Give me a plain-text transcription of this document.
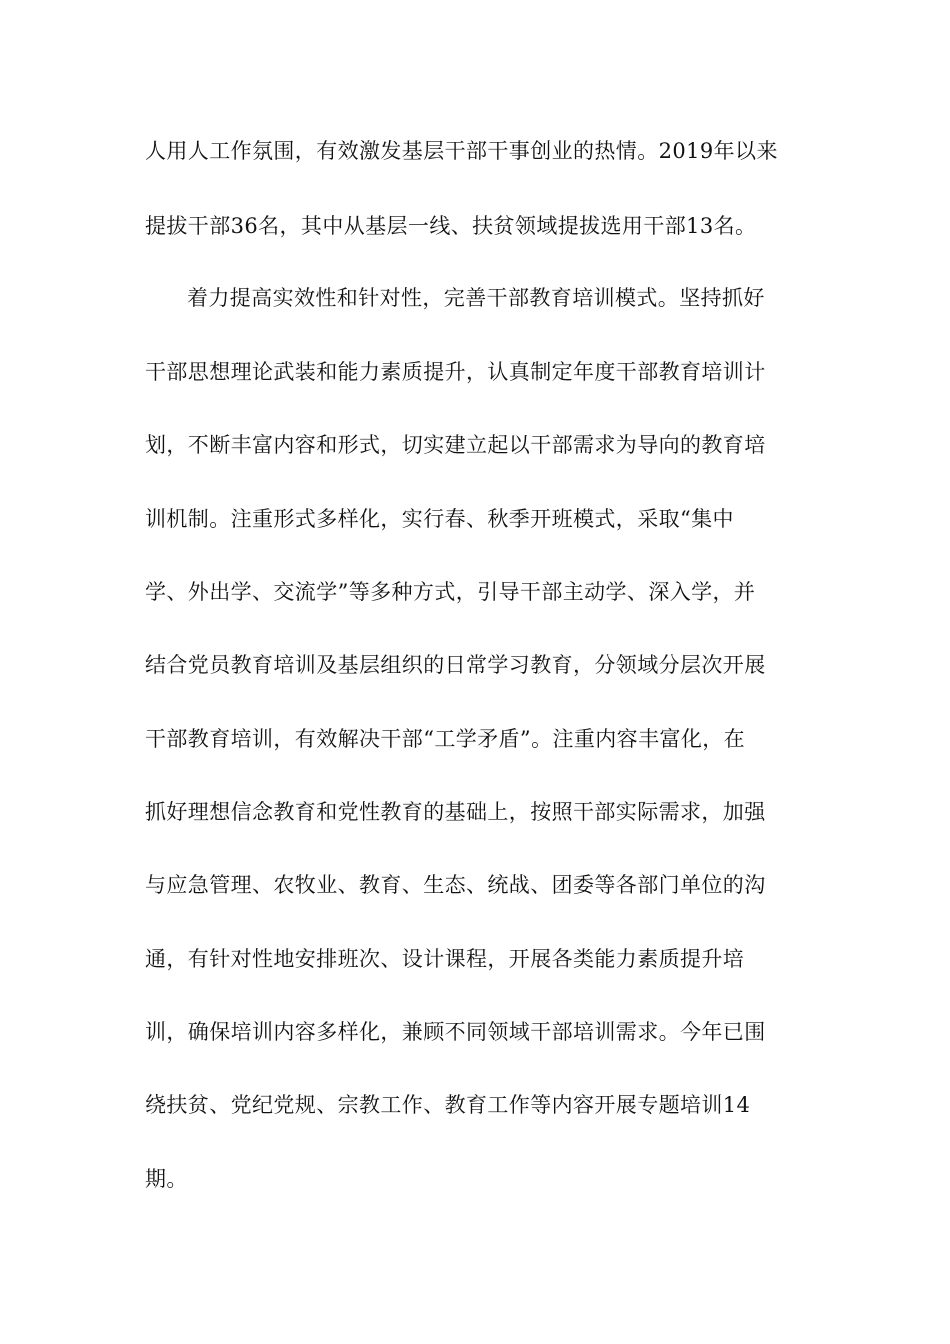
人用人工作氛围，有效激发基层干部干事创业的热情。2019年以来
提拔干部36名，其中从基层一线、扶贫领域提拔选用干部13名。
着力提高实效性和针对性，完善干部教育培训模式。坚持抓好
干部思想理论武装和能力素质提升，认真制定年度干部教育培训计
划，不断丰富内容和形式，切实建立起以干部需求为导向的教育培
训机制。注重形式多样化，实行春、秋季开班模式，采取“集中
学、外出学、交流学”等多种方式，引导干部主动学、深入学，并
结合党员教育培训及基层组织的日常学习教育，分领域分层次开展
干部教育培训，有效解决干部“工学矛盾”。注重内容丰富化，在
抓好理想信念教育和党性教育的基础上，按照干部实际需求，加强
与应急管理、农牧业、教育、生态、统战、团委等各部门单位的沟
通，有针对性地安排班次、设计课程，开展各类能力素质提升培
训，确保培训内容多样化，兼顾不同领域干部培训需求。今年已围
绕扶贫、党纪党规、宗教工作、教育工作等内容开展专题培训14
期。
